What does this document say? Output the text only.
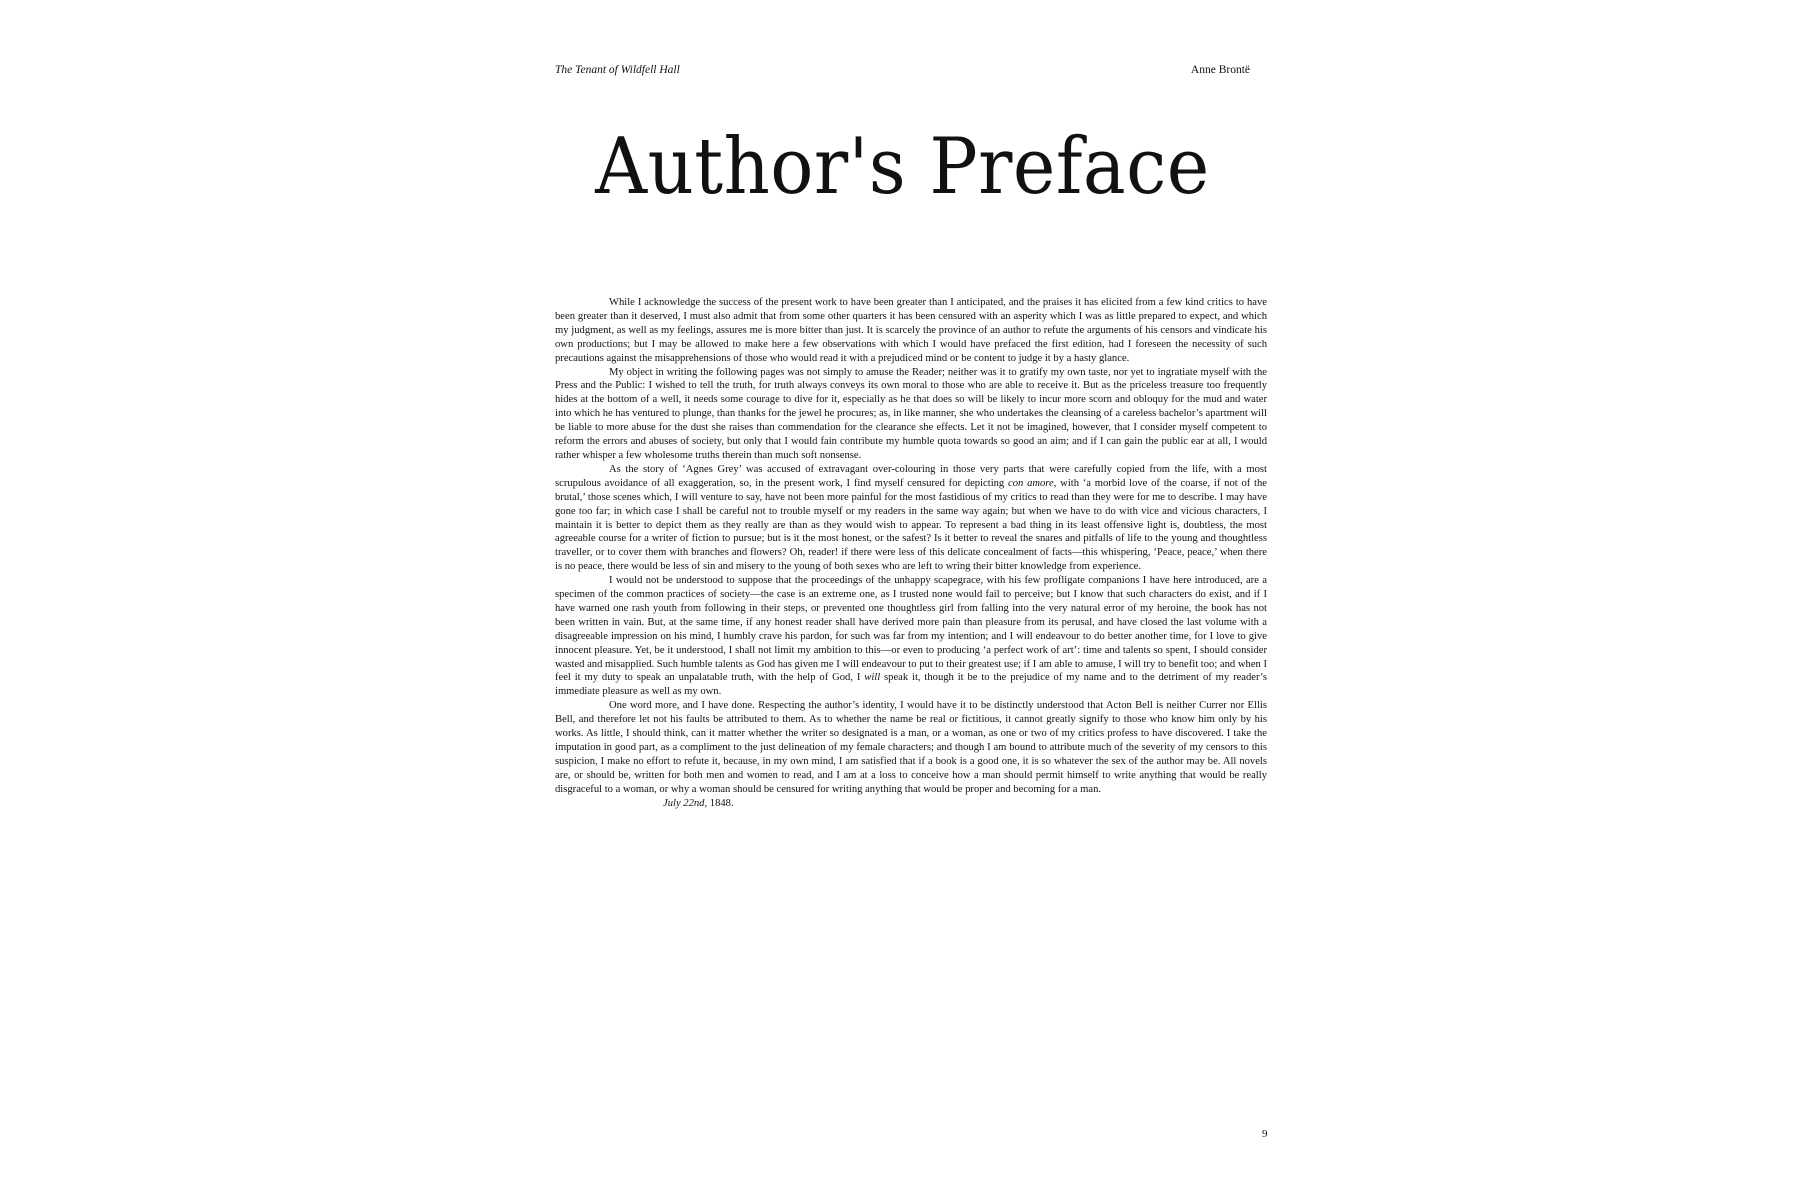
The Tenant of Wildfell Hall	Anne Brontë
Author's Preface

While I acknowledge the success of the present work to have been greater than I anticipated, and the praises it has elicited from a few kind critics to have been greater than it deserved, I must also admit that from some other quarters it has been censured with an asperity which I was as little prepared to expect, and which my judgment, as well as my feelings, assures me is more bitter than just. It is scarcely the province of an author to refute the arguments of his censors and vindicate his own productions; but I may be allowed to make here a few observations with which I would have prefaced the first edition, had I foreseen the necessity of such precautions against the misapprehensions of those who would read it with a prejudiced mind or be content to judge it by a hasty glance.

My object in writing the following pages was not simply to amuse the Reader; neither was it to gratify my own taste, nor yet to ingratiate myself with the Press and the Public: I wished to tell the truth, for truth always conveys its own moral to those who are able to receive it. But as the priceless treasure too frequently hides at the bottom of a well, it needs some courage to dive for it, especially as he that does so will be likely to incur more scorn and obloquy for the mud and water into which he has ventured to plunge, than thanks for the jewel he procures; as, in like manner, she who undertakes the cleansing of a careless bachelor’s apartment will be liable to more abuse for the dust she raises than commendation for the clearance she effects. Let it not be imagined, however, that I consider myself competent to reform the errors and abuses of society, but only that I would fain contribute my humble quota towards so good an aim; and if I can gain the public ear at all, I would rather whisper a few wholesome truths therein than much soft nonsense.

As the story of ‘Agnes Grey’ was accused of extravagant over-colouring in those very parts that were carefully copied from the life, with a most scrupulous avoidance of all exaggeration, so, in the present work, I find myself censured for depicting con amore, with ‘a morbid love of the coarse, if not of the brutal,’ those scenes which, I will venture to say, have not been more painful for the most fastidious of my critics to read than they were for me to describe. I may have gone too far; in which case I shall be careful not to trouble myself or my readers in the same way again; but when we have to do with vice and vicious characters, I maintain it is better to depict them as they really are than as they would wish to appear. To represent a bad thing in its least offensive light is, doubtless, the most agreeable course for a writer of fiction to pursue; but is it the most honest, or the safest? Is it better to reveal the snares and pitfalls of life to the young and thoughtless traveller, or to cover them with branches and flowers? Oh, reader! if there were less of this delicate concealment of facts—this whispering, ‘Peace, peace,’ when there is no peace, there would be less of sin and misery to the young of both sexes who are left to wring their bitter knowledge from experience.

I would not be understood to suppose that the proceedings of the unhappy scapegrace, with his few profligate companions I have here introduced, are a specimen of the common practices of society—the case is an extreme one, as I trusted none would fail to perceive; but I know that such characters do exist, and if I have warned one rash youth from following in their steps, or prevented one thoughtless girl from falling into the very natural error of my heroine, the book has not been written in vain. But, at the same time, if any honest reader shall have derived more pain than pleasure from its perusal, and have closed the last volume with a disagreeable impression on his mind, I humbly crave his pardon, for such was far from my intention; and I will endeavour to do better another time, for I love to give innocent pleasure. Yet, be it understood, I shall not limit my ambition to this—or even to producing ‘a perfect work of art’: time and talents so spent, I should consider wasted and misapplied. Such humble talents as God has given me I will endeavour to put to their greatest use; if I am able to amuse, I will try to benefit too; and when I feel it my duty to speak an unpalatable truth, with the help of God, I will speak it, though it be to the prejudice of my name and to the detriment of my reader’s immediate pleasure as well as my own.

One word more, and I have done. Respecting the author’s identity, I would have it to be distinctly understood that Acton Bell is neither Currer nor Ellis Bell, and therefore let not his faults be attributed to them. As to whether the name be real or fictitious, it cannot greatly signify to those who know him only by his works. As little, I should think, can it matter whether the writer so designated is a man, or a woman, as one or two of my critics profess to have discovered. I take the imputation in good part, as a compliment to the just delineation of my female characters; and though I am bound to attribute much of the severity of my censors to this suspicion, I make no effort to refute it, because, in my own mind, I am satisfied that if a book is a good one, it is so whatever the sex of the author may be. All novels are, or should be, written for both men and women to read, and I am at a loss to conceive how a man should permit himself to write anything that would be really disgraceful to a woman, or why a woman should be censured for writing anything that would be proper and becoming for a man.

July 22nd, 1848.

9
